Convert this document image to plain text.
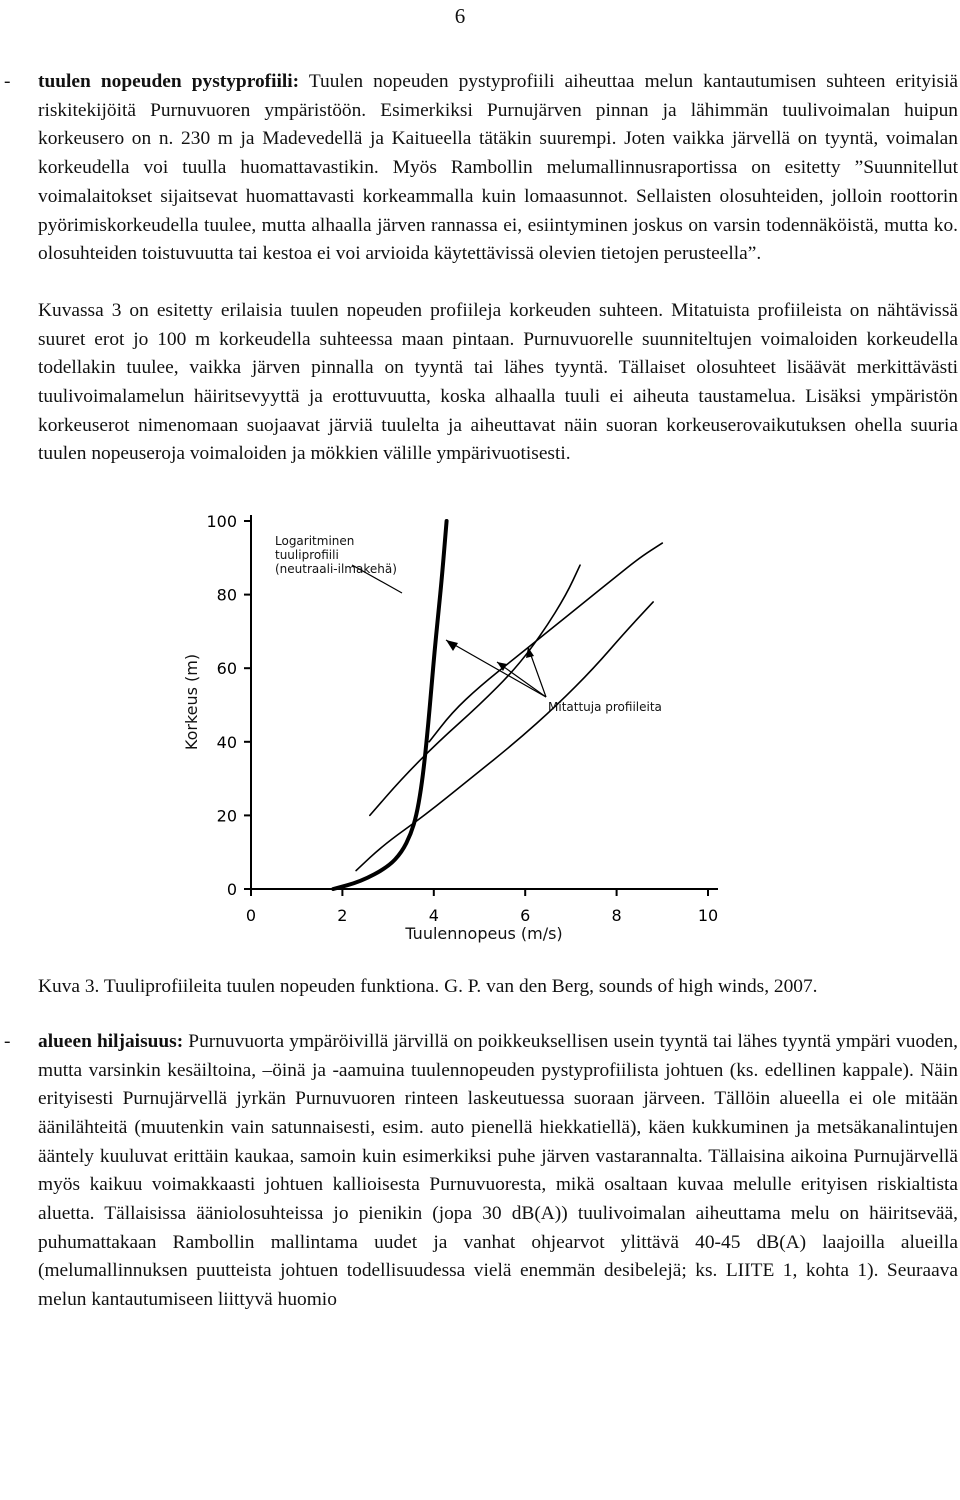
6
- tuulen nopeuden pystyprofiili: Tuulen nopeuden pystyprofiili aiheuttaa melun kantautumisen suhteen erityisiä riskitekijöitä Purnuvuoren ympäristöön. Esimerkiksi Purnujärven pinnan ja lähimmän tuulivoimalan huipun korkeusero on n. 230 m ja Madevedellä ja Kaitueella tätäkin suurempi. Joten vaikka järvellä on tyyntä, voimalan korkeudella voi tuulla huomattavastikin. Myös Rambollin melumallinnusraportissa on esitetty ”Suunnitellut voimalaitokset sijaitsevat huomattavasti korkeammalla kuin lomaasunnot. Sellaisten olosuhteiden, jolloin roottorin pyörimiskorkeudella tuulee, mutta alhaalla järven rannassa ei, esiintyminen joskus on varsin todennäköistä, mutta ko. olosuhteiden toistuvuutta tai kestoa ei voi arvioida käytettävissä olevien tietojen perusteella”.
Kuvassa 3 on esitetty erilaisia tuulen nopeuden profiileja korkeuden suhteen. Mitatuista profiileista on nähtävissä suuret erot jo 100 m korkeudella suhteessa maan pintaan. Purnuvuorelle suunniteltujen voimaloiden korkeudella todellakin tuulee, vaikka järven pinnalla on tyyntä tai lähes tyyntä. Tällaiset olosuhteet lisäävät merkittävästi tuulivoimalamelun häiritsevyyttä ja erottuvuutta, koska alhaalla tuuli ei aiheuta taustamelua. Lisäksi ympäristön korkeuserot nimenomaan suojaavat järviä tuulelta ja aiheuttavat näin suoran korkeuserovaikutuksen ohella suuria tuulen nopeuseroja voimaloiden ja mökkien välille ympärivuotisesti.
0	2	4	6	8	10
0
20
40
60
80
100
Korkeus (m)
Tuulennopeus (m/s)
Logaritminen
tuuliprofiili
(neutraali-ilmakehä)
Mitattuja profiileita
Kuva 3. Tuuliprofiileita tuulen nopeuden funktiona. G. P. van den Berg, sounds of high winds, 2007.
- alueen hiljaisuus: Purnuvuorta ympäröivillä järvillä on poikkeuksellisen usein tyyntä tai lähes tyyntä ympäri vuoden, mutta varsinkin kesäiltoina, –öinä ja -aamuina tuulennopeuden pystyprofiilista johtuen (ks. edellinen kappale). Näin erityisesti Purnujärvellä jyrkän Purnuvuoren rinteen laskeutuessa suoraan järveen. Tällöin alueella ei ole mitään äänilähteitä (muutenkin vain satunnaisesti, esim. auto pienellä hiekkatiellä), käen kukkuminen ja metsäkanalintujen ääntely kuuluvat erittäin kaukaa, samoin kuin esimerkiksi puhe järven vastarannalta. Tällaisina aikoina Purnujärvellä myös kaikuu voimakkaasti johtuen kallioisesta Purnuvuoresta, mikä osaltaan kuvaa melulle erityisen riskialtista aluetta. Tällaisissa ääniolosuhteissa jo pienikin (jopa 30 dB(A)) tuulivoimalan aiheuttama melu on häiritsevää, puhumattakaan Rambollin mallintama uudet ja vanhat ohjearvot ylittävä 40-45 dB(A) laajoilla alueilla (melumallinnuksen puutteista johtuen todellisuudessa vielä enemmän desibelejä; ks. LIITE 1, kohta 1). Seuraava melun kantautumiseen liittyvä huomio
